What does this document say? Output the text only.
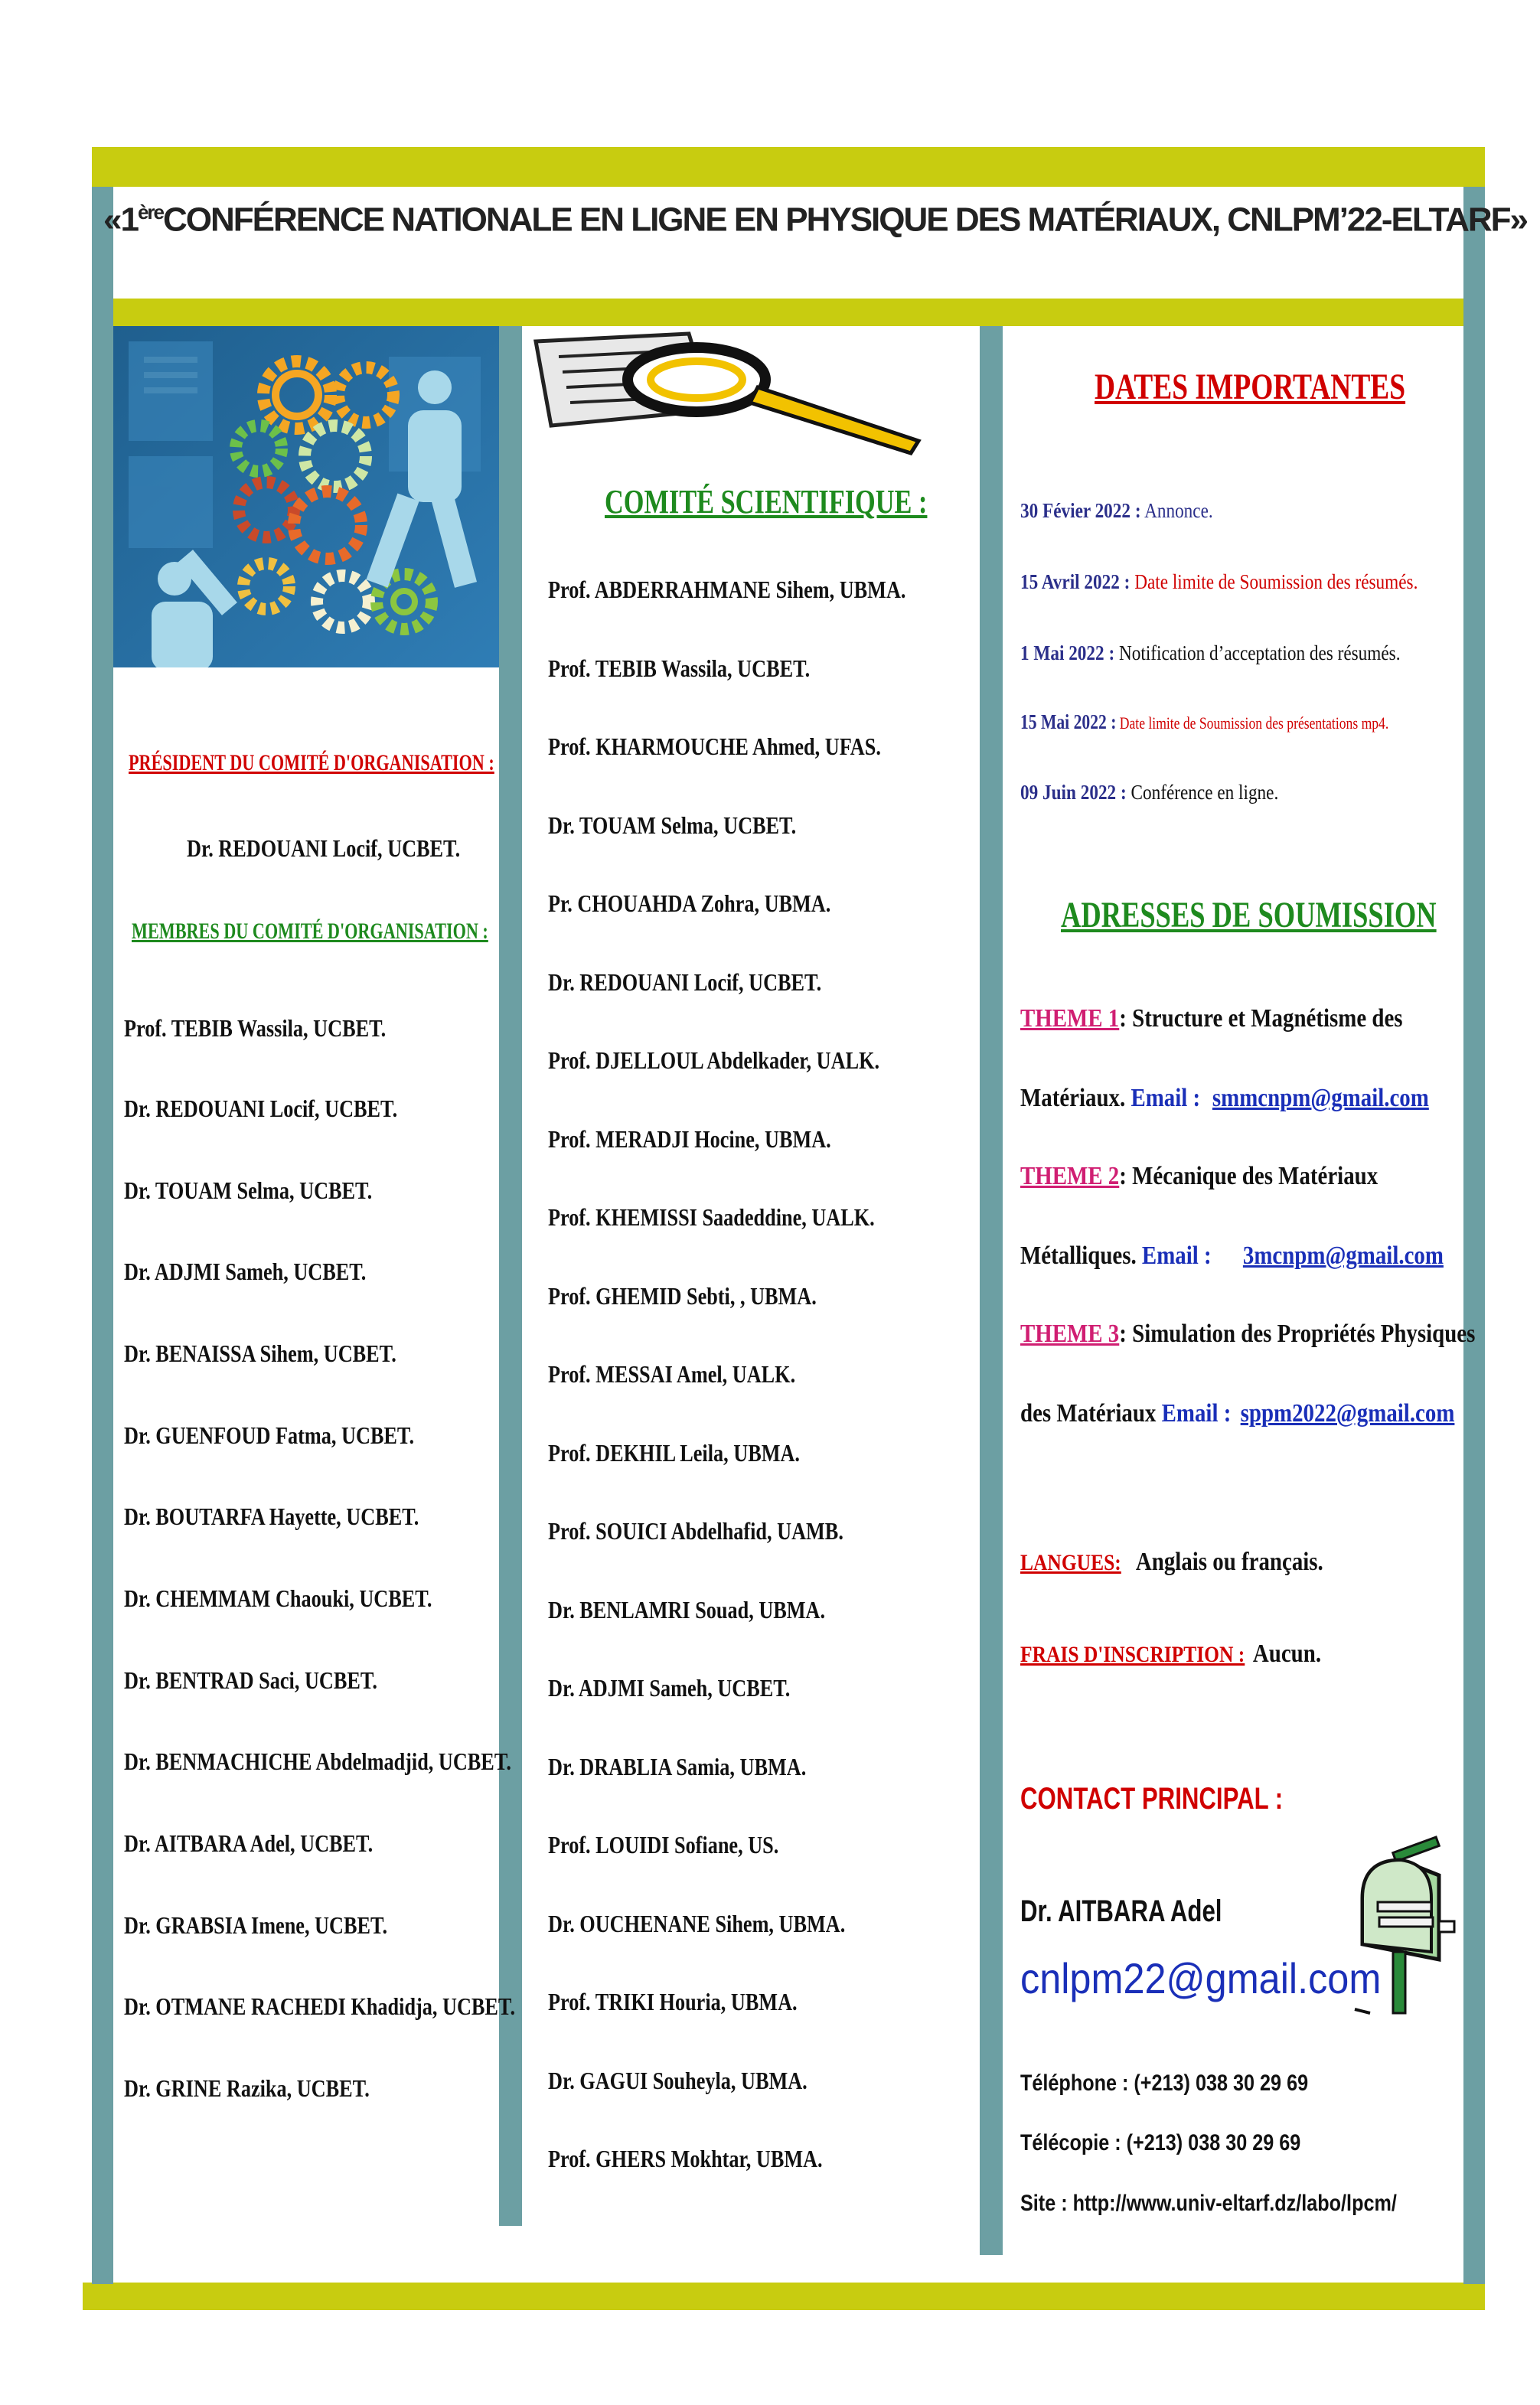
«1èreCONFÉRENCE NATIONALE EN LIGNE EN PHYSIQUE DES MATÉRIAUX, CNLPM’22-ELTARF»
PRÉSIDENT DU COMITÉ D'ORGANISATION :
Dr. REDOUANI Locif, UCBET.
MEMBRES DU COMITÉ D'ORGANISATION :
Prof. TEBIB Wassila, UCBET.
Dr. REDOUANI Locif, UCBET.
Dr. TOUAM Selma, UCBET.
Dr. ADJMI Sameh, UCBET.
Dr. BENAISSA Sihem, UCBET.
Dr. GUENFOUD Fatma, UCBET.
Dr. BOUTARFA Hayette, UCBET.
Dr. CHEMMAM Chaouki, UCBET.
Dr. BENTRAD Saci, UCBET.
Dr. BENMACHICHE Abdelmadjid, UCBET.
Dr. AITBARA Adel, UCBET.
Dr. GRABSIA Imene, UCBET.
Dr. OTMANE RACHEDI Khadidja, UCBET.
Dr. GRINE Razika, UCBET.
COMITÉ SCIENTIFIQUE :
Prof. ABDERRAHMANE Sihem, UBMA.
Prof. TEBIB Wassila, UCBET.
Prof. KHARMOUCHE Ahmed, UFAS.
Dr. TOUAM Selma, UCBET.
Pr. CHOUAHDA Zohra, UBMA.
Dr. REDOUANI Locif, UCBET.
Prof. DJELLOUL Abdelkader, UALK.
Prof. MERADJI Hocine, UBMA.
Prof. KHEMISSI Saadeddine, UALK.
Prof. GHEMID Sebti, , UBMA.
Prof. MESSAI Amel, UALK.
Prof. DEKHIL Leila, UBMA.
Prof. SOUICI Abdelhafid, UAMB.
Dr. BENLAMRI Souad, UBMA.
Dr. ADJMI Sameh, UCBET.
Dr. DRABLIA Samia, UBMA.
Prof. LOUIDI Sofiane, US.
Dr. OUCHENANE Sihem, UBMA.
Prof. TRIKI Houria, UBMA.
Dr. GAGUI Souheyla, UBMA.
Prof. GHERS Mokhtar, UBMA.
DATES IMPORTANTES
30 Févier 2022 : Annonce.
15 Avril 2022 : Date limite de Soumission des résumés.
1 Mai 2022 : Notification d’acceptation des résumés.
15 Mai 2022 : Date limite de Soumission des présentations mp4.
09 Juin 2022 : Conférence en ligne.
ADRESSES DE SOUMISSION
THEME 1: Structure et Magnétisme des
Matériaux. Email : smmcnpm@gmail.com
THEME 2: Mécanique des Matériaux
Métalliques. Email : 3mcnpm@gmail.com
THEME 3: Simulation des Propriétés Physiques
des Matériaux Email : sppm2022@gmail.com
LANGUES: Anglais ou français.
FRAIS D'INSCRIPTION : Aucun.
CONTACT PRINCIPAL :
Dr. AITBARA Adel
cnlpm22@gmail.com
Téléphone : (+213) 038 30 29 69
Télécopie : (+213) 038 30 29 69
Site : http://www.univ-eltarf.dz/labo/lpcm/
